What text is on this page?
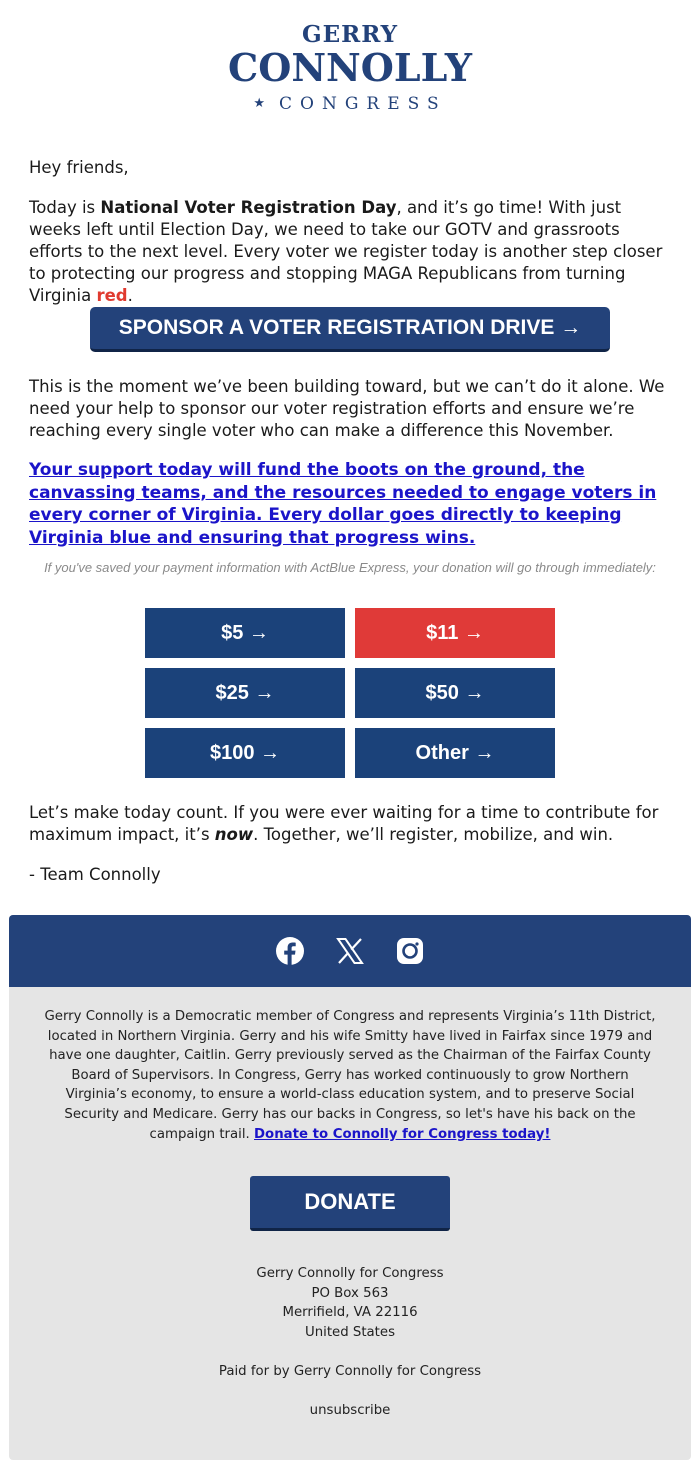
GERRY
CONNOLLY
★CONGRESS
Hey friends,
Today is National Voter Registration Day, and it’s go time! With just weeks left until Election Day, we need to take our GOTV and grassroots efforts to the next level. Every voter we register today is another step closer to protecting our progress and stopping MAGA Republicans from turning Virginia red.
SPONSOR A VOTER REGISTRATION DRIVE →
This is the moment we’ve been building toward, but we can’t do it alone. We need your help to sponsor our voter registration efforts and ensure we’re reaching every single voter who can make a difference this November.
Your support today will fund the boots on the ground, the canvassing teams, and the resources needed to engage voters in every corner of Virginia. Every dollar goes directly to keeping Virginia blue and ensuring that progress wins.
If you've saved your payment information with ActBlue Express, your donation will go through immediately:
$5 →	$11 →
$25 →	$50 →
$100 →	Other →
Let’s make today count. If you were ever waiting for a time to contribute for maximum impact, it’s now. Together, we’ll register, mobilize, and win.
- Team Connolly
Gerry Connolly is a Democratic member of Congress and represents Virginia’s 11th District, located in Northern Virginia. Gerry and his wife Smitty have lived in Fairfax since 1979 and have one daughter, Caitlin. Gerry previously served as the Chairman of the Fairfax County Board of Supervisors. In Congress, Gerry has worked continuously to grow Northern Virginia’s economy, to ensure a world-class education system, and to preserve Social Security and Medicare. Gerry has our backs in Congress, so let's have his back on the campaign trail. Donate to Connolly for Congress today!
DONATE
Gerry Connolly for Congress
PO Box 563
Merrifield, VA 22116
United States
Paid for by Gerry Connolly for Congress
unsubscribe
